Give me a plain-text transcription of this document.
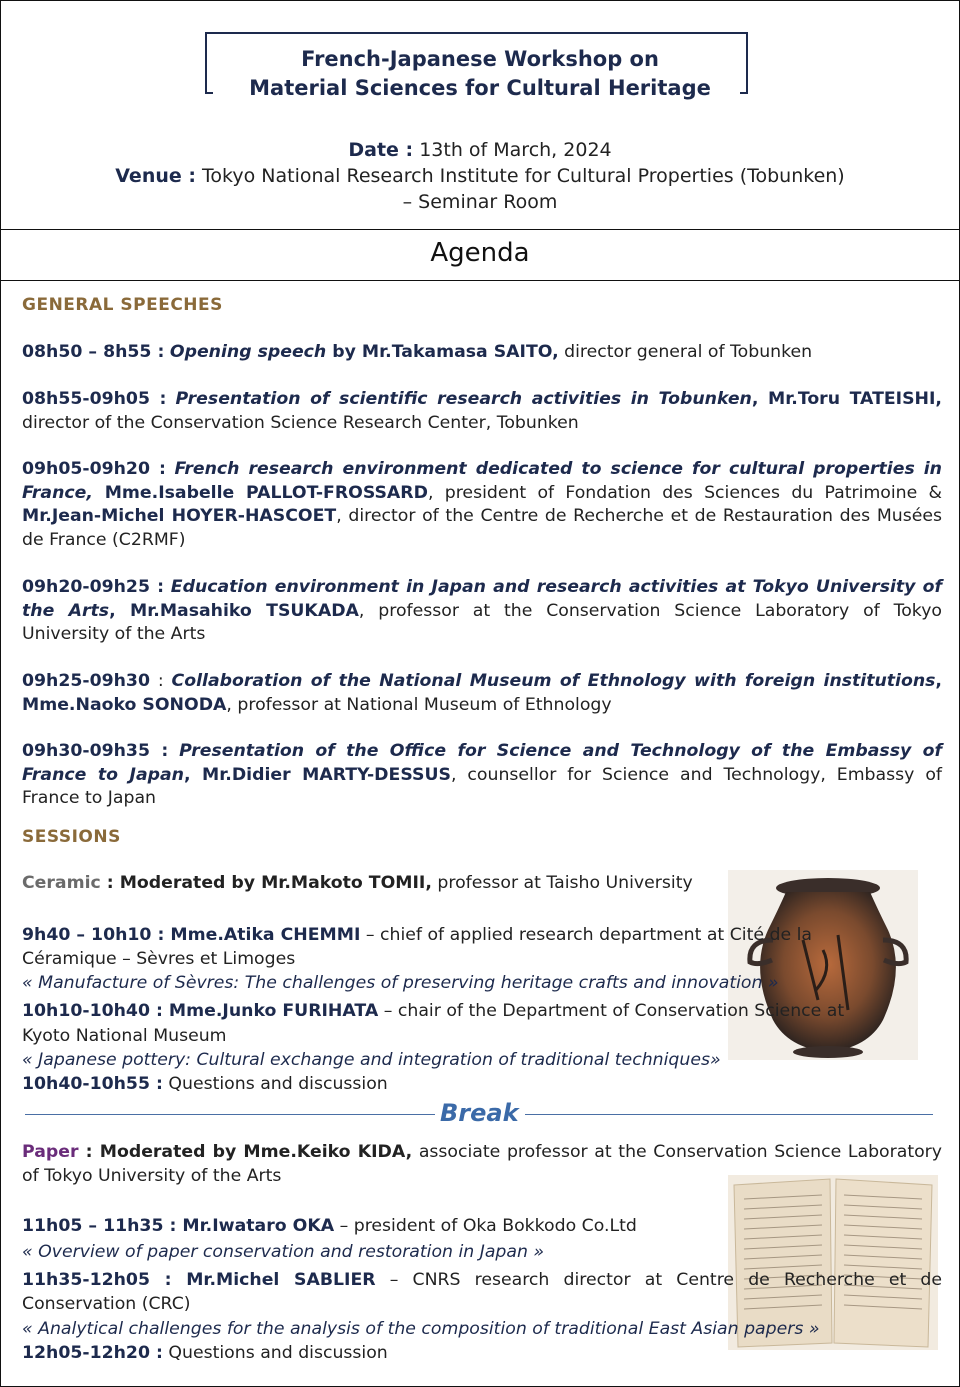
French-Japanese Workshop on
Material Sciences for Cultural Heritage
Date : 13th of March, 2024
Venue : Tokyo National Research Institute for Cultural Properties (Tobunken)
– Seminar Room
Agenda
GENERAL SPEECHES
08h50 – 8h55 : Opening speech by Mr.Takamasa SAITO, director general of Tobunken
08h55-09h05 : Presentation of scientific research activities in Tobunken, Mr.Toru TATEISHI, director of the Conservation Science Research Center, Tobunken
09h05-09h20 : French research environment dedicated to science for cultural properties in France, Mme.Isabelle PALLOT-FROSSARD, president of Fondation des Sciences du Patrimoine & Mr.Jean-Michel HOYER-HASCOET, director of the Centre de Recherche et de Restauration des Musées de France (C2RMF)
09h20-09h25 : Education environment in Japan and research activities at Tokyo University of the Arts, Mr.Masahiko TSUKADA, professor at the Conservation Science Laboratory of Tokyo University of the Arts
09h25-09h30 : Collaboration of the National Museum of Ethnology with foreign institutions, Mme.Naoko SONODA, professor at National Museum of Ethnology
09h30-09h35 : Presentation of the Office for Science and Technology of the Embassy of France to Japan, Mr.Didier MARTY-DESSUS, counsellor for Science and Technology, Embassy of France to Japan
SESSIONS
Ceramic : Moderated by Mr.Makoto TOMII, professor at Taisho University
9h40 – 10h10 : Mme.Atika CHEMMI – chief of applied research department at Cité de la
Céramique – Sèvres et Limoges
« Manufacture of Sèvres: The challenges of preserving heritage crafts and innovation »
10h10-10h40 : Mme.Junko FURIHATA – chair of the Department of Conservation Science at
Kyoto National Museum
« Japanese pottery: Cultural exchange and integration of traditional techniques»
10h40-10h55 : Questions and discussion
Break
Paper : Moderated by Mme.Keiko KIDA, associate professor at the Conservation Science Laboratory of Tokyo University of the Arts
11h05 – 11h35 : Mr.Iwataro OKA – president of Oka Bokkodo Co.Ltd
« Overview of paper conservation and restoration in Japan »
11h35-12h05 : Mr.Michel SABLIER – CNRS research director at Centre de Recherche et de Conservation (CRC)
« Analytical challenges for the analysis of the composition of traditional East Asian papers »
12h05-12h20 : Questions and discussion
